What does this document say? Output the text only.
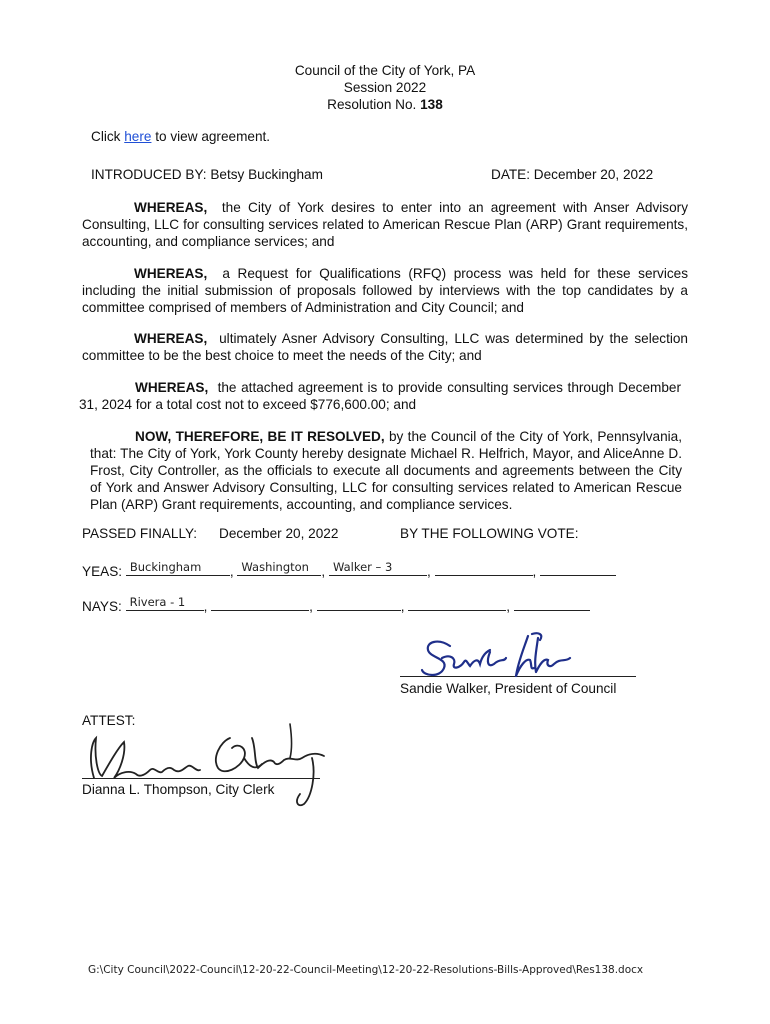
Council of the City of York, PA
Session 2022
Resolution No. 138
Click here to view agreement.
INTRODUCED BY: Betsy Buckingham	DATE: December 20, 2022
WHEREAS, the City of York desires to enter into an agreement with Anser Advisory Consulting, LLC for consulting services related to American Rescue Plan (ARP) Grant requirements, accounting, and compliance services; and
WHEREAS, a Request for Qualifications (RFQ) process was held for these services including the initial submission of proposals followed by interviews with the top candidates by a committee comprised of members of Administration and City Council; and
WHEREAS, ultimately Asner Advisory Consulting, LLC was determined by the selection committee to be the best choice to meet the needs of the City; and
WHEREAS, the attached agreement is to provide consulting services through December 31, 2024 for a total cost not to exceed $776,600.00; and
NOW, THEREFORE, BE IT RESOLVED, by the Council of the City of York, Pennsylvania, that: The City of York, York County hereby designate Michael R. Helfrich, Mayor, and AliceAnne D. Frost, City Controller, as the officials to execute all documents and agreements between the City of York and Answer Advisory Consulting, LLC for consulting services related to American Rescue Plan (ARP) Grant requirements, accounting, and compliance services.
PASSED FINALLY: December 20, 2022	BY THE FOLLOWING VOTE:
YEAS: Buckingham , Washington , Walker – 3	,	,
NAYS: Rivera - 1 ,	,	,	,
Sandie Walker, President of Council
ATTEST:
Dianna L. Thompson, City Clerk
G:\City Council\2022-Council\12-20-22-Council-Meeting\12-20-22-Resolutions-Bills-Approved\Res138.docx
